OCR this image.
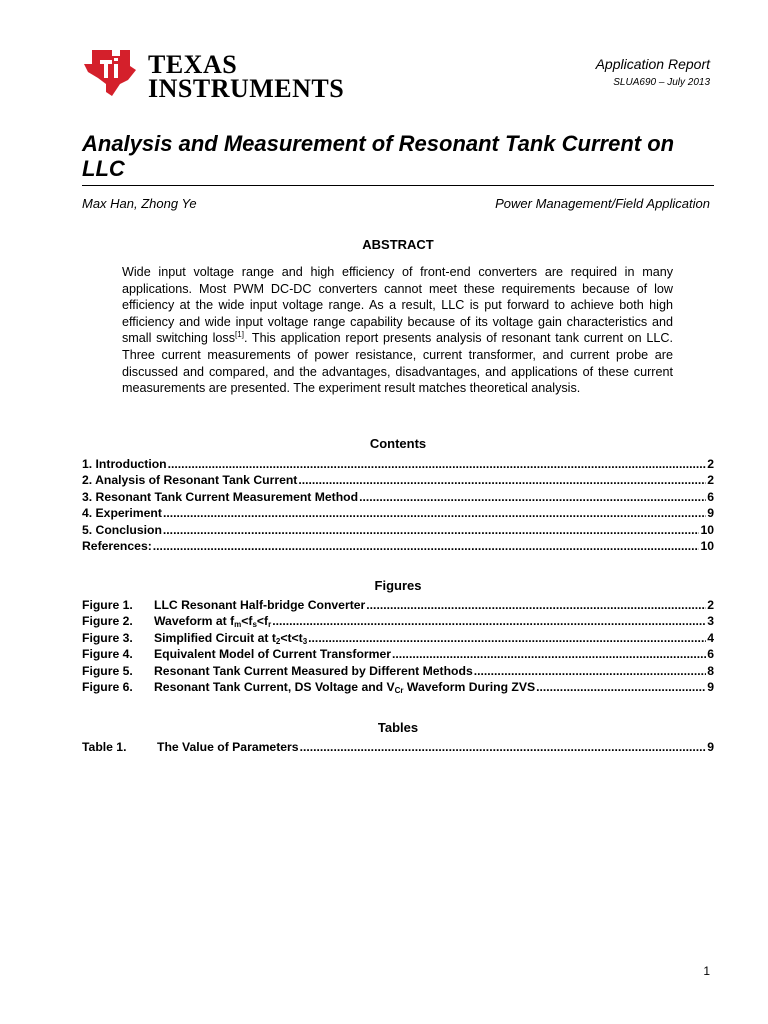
TEXAS
INSTRUMENTS
Application Report
SLUA690 – July 2013
Analysis and Measurement of Resonant Tank Current on LLC
Max Han, Zhong Ye	Power Management/Field Application
ABSTRACT
Wide input voltage range and high efficiency of front-end converters are required in many applications. Most PWM DC-DC converters cannot meet these requirements because of low efficiency at the wide input voltage range. As a result, LLC is put forward to achieve both high efficiency and wide input voltage range capability because of its voltage gain characteristics and small switching loss[1]. This application report presents analysis of resonant tank current on LLC. Three current measurements of power resistance, current transformer, and current probe are discussed and compared, and the advantages, disadvantages, and applications of these current measurements are presented. The experiment result matches theoretical analysis.
Contents
1. Introduction .....	2
2. Analysis of Resonant Tank Current .....	2
3. Resonant Tank Current Measurement Method .....	6
4. Experiment .....	9
5. Conclusion .....	10
References: .....	10
Figures
Figure 1.	LLC Resonant Half-bridge Converter .....	2
Figure 2.	Waveform at $f_m<f_s<f_r$ .....	3
Figure 3.	Simplified Circuit at $t_2<t<t_3$ .....	4
Figure 4.	Equivalent Model of Current Transformer .....	6
Figure 5.	Resonant Tank Current Measured by Different Methods .....	8
Figure 6.	Resonant Tank Current, DS Voltage and $V_{Cr}$ Waveform During ZVS .....	9
Tables
Table 1.	The Value of Parameters .....	9
1
